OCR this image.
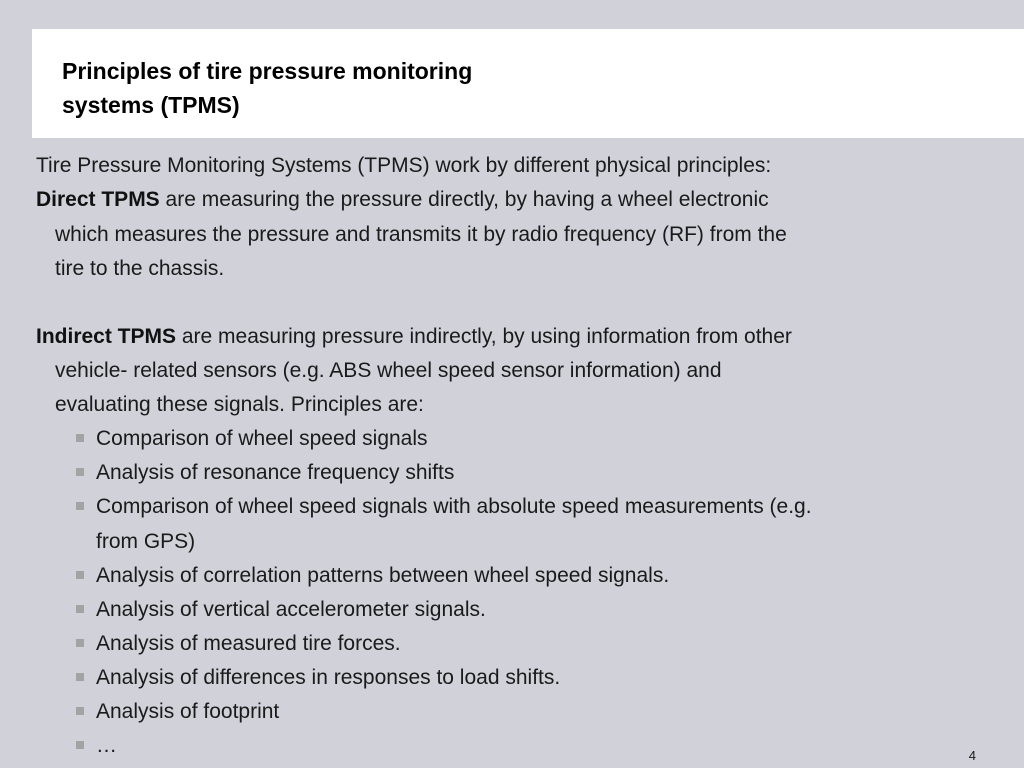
Principles of tire pressure monitoring
systems (TPMS)
Tire Pressure Monitoring Systems (TPMS) work by different physical principles:
Direct TPMS are measuring the pressure directly, by having a wheel electronic
which measures the pressure and transmits it by radio frequency (RF) from the
tire to the chassis.
Indirect TPMS are measuring pressure indirectly, by using information from other
vehicle- related sensors (e.g. ABS wheel speed sensor information) and
evaluating these signals. Principles are:
Comparison of wheel speed signals
Analysis of resonance frequency shifts
Comparison of wheel speed signals with absolute speed measurements (e.g.
from GPS)
Analysis of correlation patterns between wheel speed signals.
Analysis of vertical accelerometer signals.
Analysis of measured tire forces.
Analysis of differences in responses to load shifts.
Analysis of footprint
…	4
